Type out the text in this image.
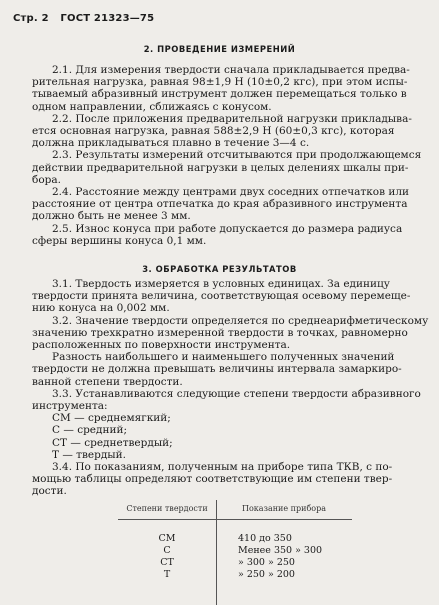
Стр. 2 ГОСТ 21323—75
2. ПРОВЕДЕНИЕ ИЗМЕРЕНИЙ
2.1. Для измерения твердости сначала прикладывается предва-
рительная нагрузка, равная 98±1,9 Н (10±0,2 кгс), при этом испы-
тываемый абразивный инструмент должен перемещаться только в
одном направлении, сближаясь с конусом.
2.2. После приложения предварительной нагрузки прикладыва-
ется основная нагрузка, равная 588±2,9 Н (60±0,3 кгс), которая
должна прикладываться плавно в течение 3—4 с.
2.3. Результаты измерений отсчитываются при продолжающемся
действии предварительной нагрузки в целых делениях шкалы при-
бора.
2.4. Расстояние между центрами двух соседних отпечатков или
расстояние от центра отпечатка до края абразивного инструмента
должно быть не менее 3 мм.
2.5. Износ конуса при работе допускается до размера радиуса
сферы вершины конуса 0,1 мм.
3. ОБРАБОТКА РЕЗУЛЬТАТОВ
3.1. Твердость измеряется в условных единицах. За единицу
твердости принята величина, соответствующая осевому перемеще-
нию конуса на 0,002 мм.
3.2. Значение твердости определяется по среднеарифметическому
значению трехкратно измеренной твердости в точках, равномерно
расположенных по поверхности инструмента.
Разность наибольшего и наименьшего полученных значений
твердости не должна превышать величины интервала замаркиро-
ванной степени твердости.
3.3. Устанавливаются следующие степени твердости абразивного
инструмента:
СМ — среднемягкий;
С — средний;
СТ — среднетвердый;
Т — твердый.
3.4. По показаниям, полученным на приборе типа ТКВ, с по-
мощью таблицы определяют соответствующие им степени твер-
дости.
Степени твердости	Показание прибора
СМ	410 до 350
С	Менее 350 » 300
СТ	» 300 » 250
Т	» 250 » 200
